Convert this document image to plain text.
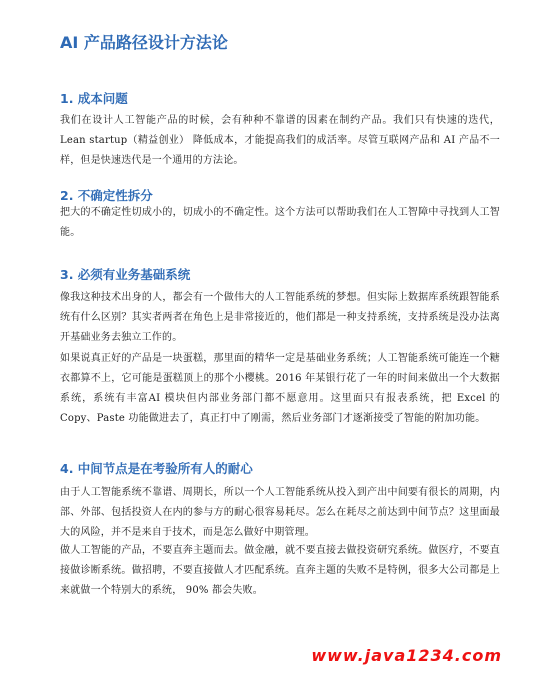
AI 产品路径设计方法论
1. 成本问题
我们在设计人工智能产品的时候，会有种种不靠谱的因素在制约产品。我们只有快速的迭代，Lean startup（精益创业） 降低成本，才能提高我们的成活率。尽管互联网产品和 AI 产品不一样，但是快速迭代是一个通用的方法论。
2. 不确定性拆分
把大的不确定性切成小的，切成小的不确定性。这个方法可以帮助我们在人工智障中寻找到人工智能。
3. 必须有业务基础系统
像我这种技术出身的人，都会有一个做伟大的人工智能系统的梦想。但实际上数据库系统跟智能系统有什么区别？其实者两者在角色上是非常接近的，他们都是一种支持系统，支持系统是没办法离开基础业务去独立工作的。
如果说真正好的产品是一块蛋糕，那里面的精华一定是基础业务系统；人工智能系统可能连一个糖衣都算不上，它可能是蛋糕顶上的那个小樱桃。2016 年某银行花了一年的时间来做出一个大数据系统，系统有丰富AI 模块但内部业务部门都不愿意用。这里面只有报表系统，把 Excel 的 Copy、Paste 功能做进去了，真正打中了刚需，然后业务部门才逐渐接受了智能的附加功能。
4. 中间节点是在考验所有人的耐心
由于人工智能系统不靠谱、周期长，所以一个人工智能系统从投入到产出中间要有很长的周期，内部、外部、包括投资人在内的参与方的耐心很容易耗尽。怎么在耗尽之前达到中间节点？这里面最大的风险，并不是来自于技术，而是怎么做好中期管理。
做人工智能的产品，不要直奔主题而去。做金融，就不要直接去做投资研究系统。做医疗，不要直接做诊断系统。做招聘，不要直接做人才匹配系统。直奔主题的失败不是特例，很多大公司都是上来就做一个特别大的系统， 90% 都会失败。
www.java1234.com
